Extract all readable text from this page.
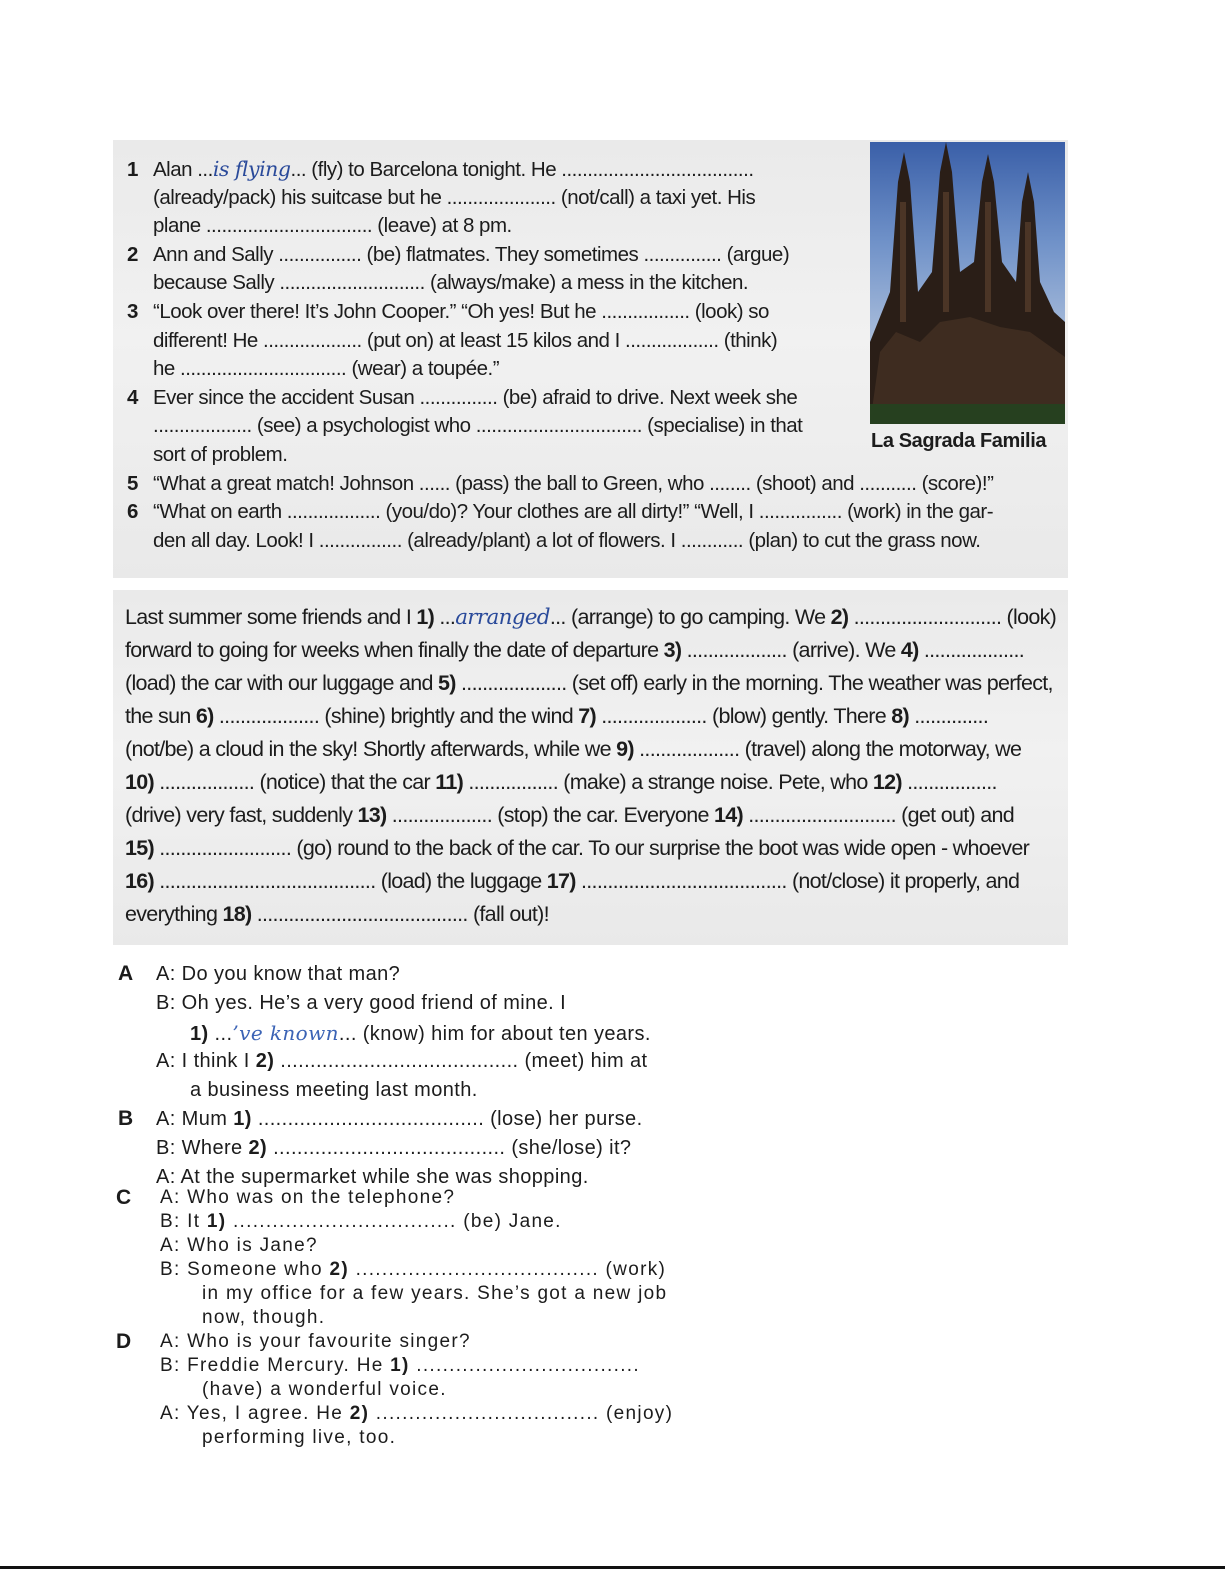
1 Alan ...is flying... (fly) to Barcelona tonight. He .....................................
(already/pack) his suitcase but he ..................... (not/call) a taxi yet. His
plane ................................ (leave) at 8 pm.
2 Ann and Sally ................ (be) flatmates. They sometimes ............... (argue)
because Sally ............................ (always/make) a mess in the kitchen.
3 “Look over there! It’s John Cooper.” “Oh yes! But he ................. (look) so
different! He ................... (put on) at least 15 kilos and I .................. (think)
he ................................ (wear) a toupée.”
4 Ever since the accident Susan ............... (be) afraid to drive. Next week she
................... (see) a psychologist who ................................ (specialise) in that
sort of problem.
5 “What a great match! Johnson ...... (pass) the ball to Green, who ........ (shoot) and ........... (score)!”
6 “What on earth .................. (you/do)? Your clothes are all dirty!” “Well, I ................ (work) in the gar-
den all day. Look! I ................ (already/plant) a lot of flowers. I ............ (plan) to cut the grass now.
La Sagrada Familia
Last summer some friends and I 1) ...arranged... (arrange) to go camping. We 2) ............................ (look)
forward to going for weeks when finally the date of departure 3) ................... (arrive). We 4) ...................
(load) the car with our luggage and 5) .................... (set off) early in the morning. The weather was perfect,
the sun 6) ................... (shine) brightly and the wind 7) .................... (blow) gently. There 8) ..............
(not/be) a cloud in the sky! Shortly afterwards, while we 9) ................... (travel) along the motorway, we
10) .................. (notice) that the car 11) ................. (make) a strange noise. Pete, who 12) .................
(drive) very fast, suddenly 13) ................... (stop) the car. Everyone 14) ............................ (get out) and
15) ......................... (go) round to the back of the car. To our surprise the boot was wide open - whoever
16) ......................................... (load) the luggage 17) ....................................... (not/close) it properly, and
everything 18) ........................................ (fall out)!
A A: Do you know that man?
B: Oh yes. He’s a very good friend of mine. I
1) ...’ve known... (know) him for about ten years.
A: I think I 2) ........................................ (meet) him at
a business meeting last month.
B A: Mum 1) ...................................... (lose) her purse.
B: Where 2) ....................................... (she/lose) it?
A: At the supermarket while she was shopping.
C A: Who was on the telephone?
B: It 1) .................................. (be) Jane.
A: Who is Jane?
B: Someone who 2) ..................................... (work)
in my office for a few years. She’s got a new job
now, though.
D A: Who is your favourite singer?
B: Freddie Mercury. He 1) ..................................
(have) a wonderful voice.
A: Yes, I agree. He 2) .................................. (enjoy)
performing live, too.
